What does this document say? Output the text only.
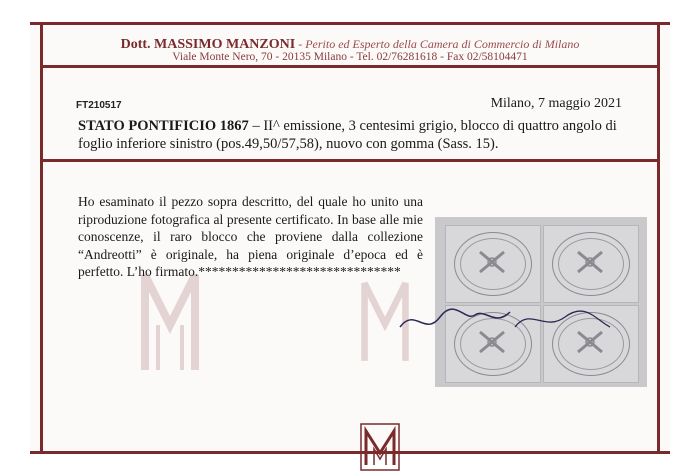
Dott. MASSIMO MANZONI - Perito ed Esperto della Camera di Commercio di Milano
Viale Monte Nero, 70 - 20135 Milano - Tel. 02/76281618 - Fax 02/58104471
FT210517	Milano, 7 maggio 2021
STATO PONTIFICIO 1867 – II^ emissione, 3 centesimi grigio, blocco di quattro angolo di foglio inferiore sinistro (pos.49,50/57,58), nuovo con gomma (Sass. 15).
Ho esaminato il pezzo sopra descritto, del quale ho unito una riproduzione fotografica al presente certificato. In base alle mie conoscenze, il raro blocco che proviene dalla collezione “Andreotti” è originale, ha piena originale d’epoca ed è perfetto. L’ho firmato.******************************
